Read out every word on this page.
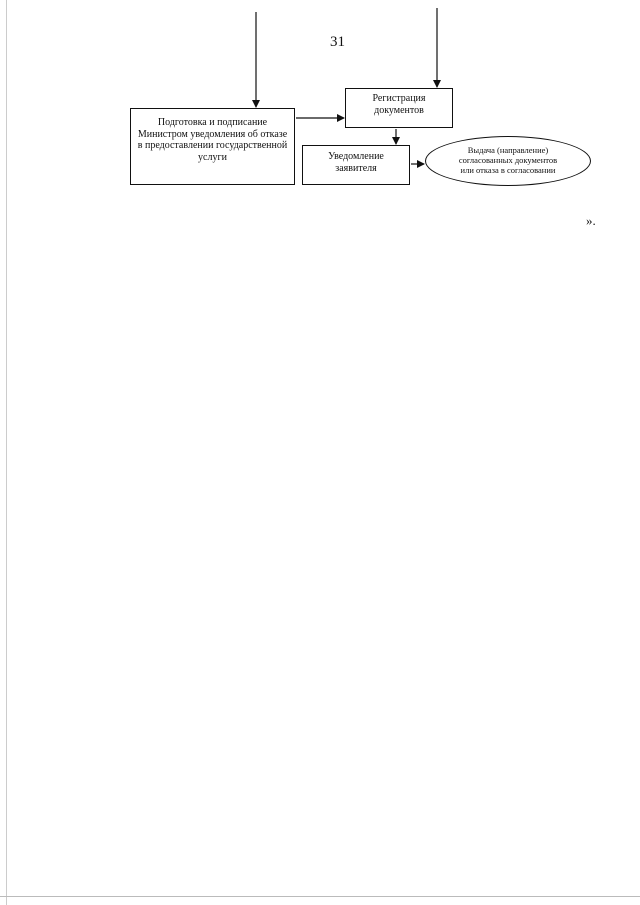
31
Подготовка и подписание
Министром уведомления об отказе
в предоставлении государственной
услуги
Регистрация
документов
Уведомление
заявителя
Выдача (направление)
согласованных документов
или отказа в согласовании
».
